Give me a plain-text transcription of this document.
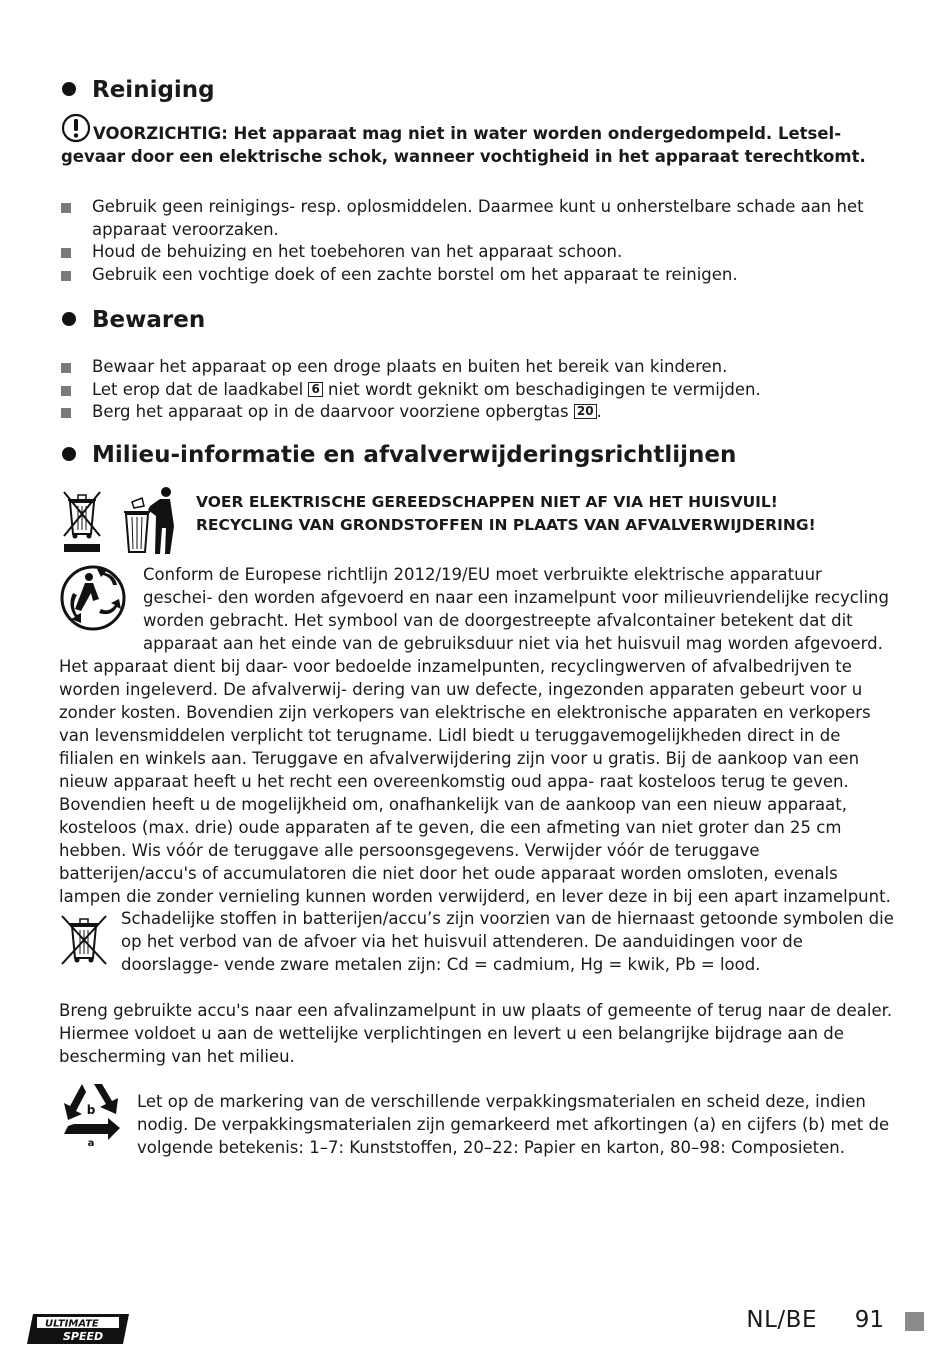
Reiniging
VOORZICHTIG: Het apparaat mag niet in water worden ondergedompeld. Letsel- gevaar door een elektrische schok, wanneer vochtigheid in het apparaat terechtkomt.
Gebruik geen reinigings- resp. oplosmiddelen. Daarmee kunt u onherstelbare schade aan het apparaat veroorzaken.
Houd de behuizing en het toebehoren van het apparaat schoon.
Gebruik een vochtige doek of een zachte borstel om het apparaat te reinigen.
Bewaren
Bewaar het apparaat op een droge plaats en buiten het bereik van kinderen.
Let erop dat de laadkabel 6 niet wordt geknikt om beschadigingen te vermijden.
Berg het apparaat op in de daarvoor voorziene opbergtas 20 .
Milieu-informatie en afvalverwijderingsrichtlijnen
VOER ELEKTRISCHE GEREEDSCHAPPEN NIET AF VIA HET HUISVUIL!
RECYCLING VAN GRONDSTOFFEN IN PLAATS VAN AFVALVERWIJDERING!
Conform de Europese richtlijn 2012/19/EU moet verbruikte elektrische apparatuur geschei- den worden afgevoerd en naar een inzamelpunt voor milieuvriendelijke recycling worden gebracht. Het symbool van de doorgestreepte afvalcontainer betekent dat dit apparaat aan het einde van de gebruiksduur niet via het huisvuil mag worden afgevoerd. Het apparaat dient bij daar- voor bedoelde inzamelpunten, recyclingwerven of afvalbedrijven te worden ingeleverd. De afvalverwij- dering van uw defecte, ingezonden apparaten gebeurt voor u zonder kosten. Bovendien zijn verkopers van elektrische en elektronische apparaten en verkopers van levensmiddelen verplicht tot terugname. Lidl biedt u teruggavemogelijkheden direct in de filialen en winkels aan. Teruggave en afvalverwijdering zijn voor u gratis. Bij de aankoop van een nieuw apparaat heeft u het recht een overeenkomstig oud appa- raat kosteloos terug te geven. Bovendien heeft u de mogelijkheid om, onafhankelijk van de aankoop van een nieuw apparaat, kosteloos (max. drie) oude apparaten af te geven, die een afmeting van niet groter dan 25 cm hebben. Wis vóór de teruggave alle persoonsgegevens. Verwijder vóór de teruggave batterijen/accu's of accumulatoren die niet door het oude apparaat worden omsloten, evenals lampen die zonder vernieling kunnen worden verwijderd, en lever deze in bij een apart inzamelpunt.
Schadelijke stoffen in batterijen/accu’s zijn voorzien van de hiernaast getoonde symbolen die op het verbod van de afvoer via het huisvuil attenderen. De aanduidingen voor de doorslagge- vende zware metalen zijn: Cd = cadmium, Hg = kwik, Pb = lood.
Breng gebruikte accu's naar een afvalinzamelpunt in uw plaats of gemeente of terug naar de dealer. Hiermee voldoet u aan de wettelijke verplichtingen en levert u een belangrijke bijdrage aan de bescherming van het milieu.
b
a
Let op de markering van de verschillende verpakkingsmaterialen en scheid deze, indien nodig. De verpakkingsmaterialen zijn gemarkeerd met afkortingen (a) en cijfers (b) met de volgende betekenis: 1–7: Kunststoffen, 20–22: Papier en karton, 80–98: Composieten.
ULTIMATE
SPEED
NL/BE 91
